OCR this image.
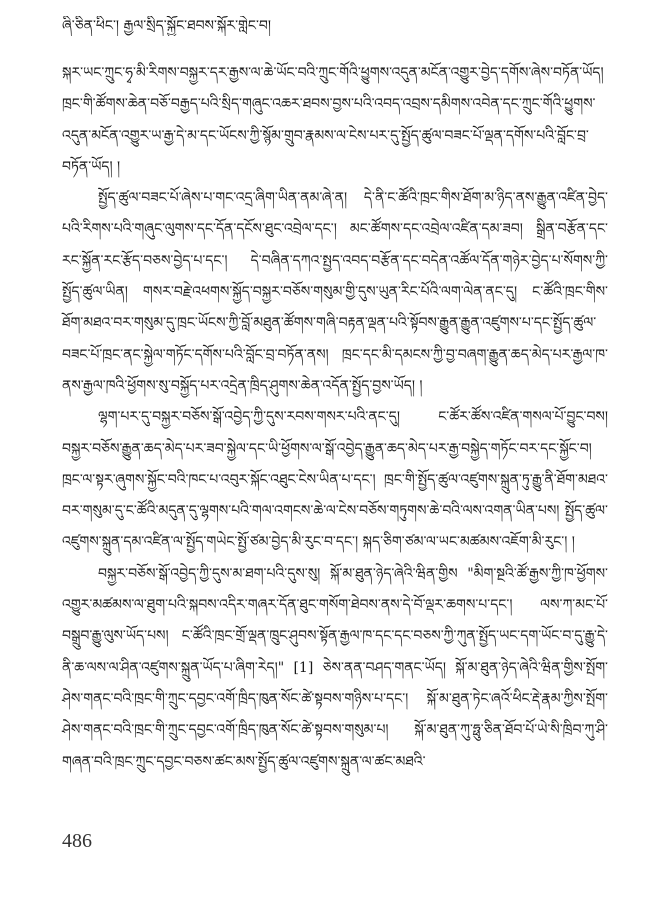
ཞི་ཅིན་ཕིང་། རྒྱལ་སྲིད་སྐྱོང་ཐབས་སྐོར་གླེང་བ།

སྐར་ཡང་ཀྲུང་ཧྭ་མི་རིགས་བསྐྱར་དར་རྒྱས་ལ་ཆེ་ཡོང་བའི་ཀྲུང་གོའི་ཕྱུགས་འདུན་མངོན་འགྱུར་བྱེད་དགོས་ཞེས་བཏོན་ཡོད། ཁྲང་གི་ཚོགས་ཆེན་བཅོ་བརྒྱད་པའི་སྲིད་གཞུང་འཆར་ཐབས་བྱས་པའི་འབད་འབྲས་དམིགས་འབེན་དང་ཀྲུང་གོའི་ཕྱུགས་འདུན་མངོན་འགྱུར་ཡ་རྒྱ་དེ་མ་དང་ཡོངས་ཀྱི་སྙོམ་གྲུབ་རྣམས་ལ་ངེས་པར་དུ་སྤྱོད་ཚུལ་བཟང་པོ་ལྡན་དགོས་པའི་བློང་བྲ་བཏོན་ཡོད། །

སྤྱོད་ཚུལ་བཟང་པོ་ཞེས་པ་གང་འདྲ་ཞིག་ཡིན་ནམ་ཞེ་ན། དེ་ནི་ང་ཚོའི་ཁྲང་གིས་ཐོག་མ་ཉིད་ནས་རྒྱུན་འཛིན་བྱེད་པའི་རིགས་པའི་གཞུང་ལུགས་དང་དོན་དངོས་ཐུང་འབྲེལ་དང་། མང་ཚོགས་དང་འབྲེལ་འཛིན་དམ་ཟབ། སྒྲིན་བརྩོན་དང་རང་སྐྱོན་རང་རྩོད་བཅས་བྱེད་པ་དང་། དེ་བཞིན་དཀའ་སྤྱད་འབད་བརྩོན་དང་བདེན་འཚོལ་དོན་གཉེར་བྱེད་པ་སོགས་ཀྱི་སྤྱོད་ཚུལ་ཡིན། གསར་བརྗེ་འཕགས་སྐྱོད་བསྐྱར་བཅོས་གསུམ་གྱི་དུས་ཡུན་རིང་པོའི་ལག་ལེན་ནང་དུ། ང་ཚོའི་ཁྲང་གིས་ཐོག་མཐའ་བར་གསུམ་དུ་ཁྲང་ཡོངས་ཀྱི་བློ་མཐུན་ཚོགས་གཞི་བརྟན་ལྡན་པའི་སྟོབས་རྒྱུན་རྒྱུན་འཛུགས་པ་དང་སྤྱོད་ཚུལ་བཟང་པོ་ཁྲང་ནང་སྐྱེལ་གཏོང་དགོས་པའི་བློང་བྲ་བཏོན་ནས། ཁྲང་དང་མི་དམངས་ཀྱི་བྱ་བཞག་རྒྱུན་ཆད་མེད་པར་རྒྱལ་ཁ་ནས་རྒྱལ་ཁའི་ཕྱོགས་སུ་བསྐྱོད་པར་འདྲེན་ཁྲིད་ཤུགས་ཆེན་འདོན་སྤྱོད་བྱས་ཡོད། །

ལྷག་པར་དུ་བསྐྱར་བཅོས་སྒོ་འབྱེད་ཀྱི་དུས་རབས་གསར་པའི་ནང་དུ། ང་ཚོར་ཚོས་འཛིན་གསལ་པོ་བྱུང་བས། བསྐྱར་བཅོས་རྒྱུན་ཆད་མེད་པར་ཟབ་སྐྱེལ་དང་ཡི་ཕྱོགས་ལ་སྒོ་འབྱེད་རྒྱུན་ཆད་མེད་པར་རྒྱ་བསྐྱེད་གཏོང་བར་དང་སྐྱོང་བ། ཁྲང་ལ་སྟར་ཞུགས་སྐྱོང་བའི་ཁང་པ་འབུར་སྐོང་འཐུང་ངེས་ཡིན་པ་དང་། ཁྲང་གི་སྤྱོད་ཚུལ་འཛུགས་སྐྲུན་ཏུ་རྒྱུ་ནི་ཐོག་མཐའ་བར་གསུམ་དུ་ང་ཚོའི་མདུན་དུ་ལྷགས་པའི་གལ་འགངས་ཆེ་ལ་ངེས་བཅོས་གཏུགས་ཆེ་བའི་ལས་འགན་ཡིན་པས། སྤྱོད་ཚུལ་འཛུགས་སྐྲུན་དམ་འཛིན་ལ་སྤྱོད་གཡེང་སྤྱོ་ཙམ་བྱེད་མི་རུང་བ་དང་། སྐད་ཅིག་ཙམ་ལ་ཡང་མཚམས་འཇོག་མི་རུང་། །

བསྐྱར་བཅོས་སྒོ་འབྱེད་ཀྱི་དུས་མ་ཐག་པའི་དུས་སུ། སྐོ་མ་ཐུན་ཉེད་ཞེའི་ཝིན་གྱིས "མིག་སྔའི་ཚོ་རྒྱས་ཀྱི་ཁ་ཕྱོགས་འགྱུར་མཚམས་ལ་ཐུག་པའི་སྐབས་འདིར་གཞར་དོན་ཐུང་གསོག་ཐེབས་ནས་དེ་བོ་ལྡར་ཆགས་པ་དང་། ལས་ཀ་མང་པོ་བསྒྲུབ་རྒྱུ་ལུས་ཡོད་པས། ང་ཚོའི་ཁྲང་གྲོ་ལྡན་ཁྲུང་ཤུབས་སྟོན་རྒྱལ་ཁ་དང་དང་བཅས་ཀྱི་ཀུན་སྤྱོད་ཡང་དག་ཡོང་བ་དུ་རྒྱུ་དེ་ནི་ཆ་ལས་ལ་ཤིན་འཛུགས་སྐྲུན་ཡོད་པ་ཞིག་རེད།" [1] ཅེས་ནན་བཤད་གནང་ཡོད། སྐོ་མ་ཐུན་ཉེད་ཞེའི་ཝིན་གྱིས་སྤོག་ཤེས་གནང་བའི་ཁྲང་གི་ཀྲུང་དབྱང་འགོ་ཁྲིད་ཁུན་སོང་ཚེ་སྟབས་གཉིས་པ་དང་། སྐོ་མ་ཐུན་ཏེང་ཞའོ་ཕིང་རྡེ་རྣམ་ཀྱིས་སྤོག་ཤེས་གནང་བའི་ཁྲང་གི་ཀྲུང་དབྱང་འགོ་ཁྲིད་ཁུན་སོང་ཚེ་སྟབས་གསུམ་པ། སྐོ་མ་ཐུན་ཀུ་ཧྥུ་ཅིན་ཐོབ་པོ་ཡེ་སི་ཁྲིབ་ཀུ་ཤི་གཞན་བའི་ཁྲང་ཀྲུང་དབྱང་བཅས་ཚང་མས་སྤྱོད་ཚུལ་འཛུགས་སྐྲུན་ལ་ཚང་མཐའི་

486
